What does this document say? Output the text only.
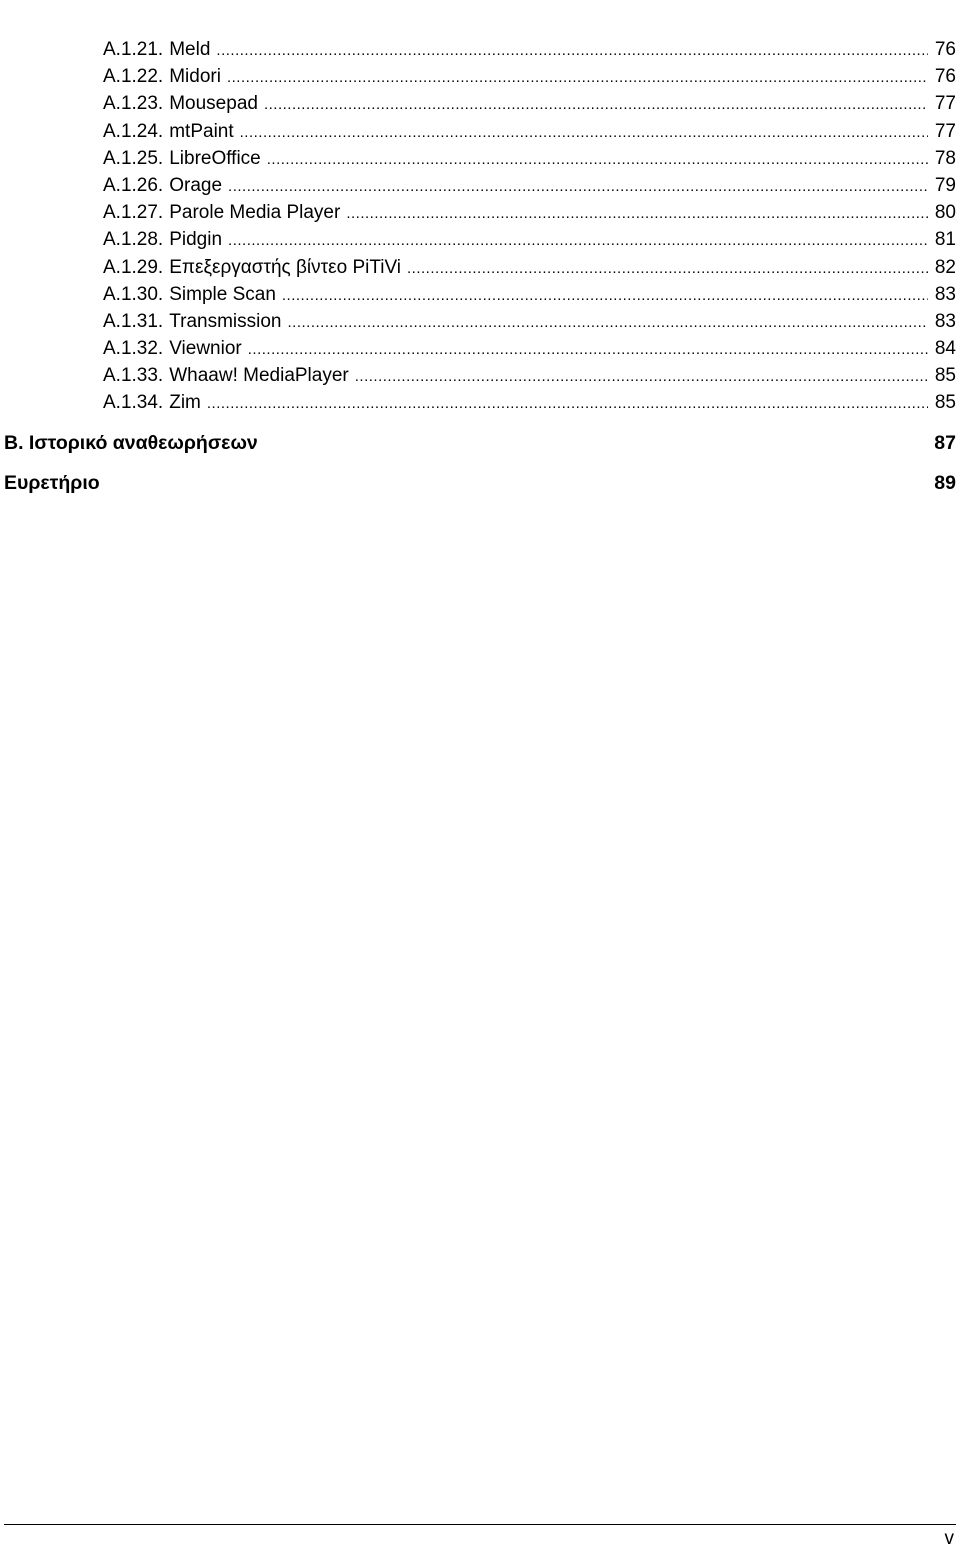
A.1.21. Meld .....	76
A.1.22. Midori .....	76
A.1.23. Mousepad .....	77
A.1.24. mtPaint .....	77
A.1.25. LibreOffice .....	78
A.1.26. Orage .....	79
A.1.27. Parole Media Player .....	80
A.1.28. Pidgin .....	81
A.1.29. Επεξεργαστής βίντεο PiTiVi .....	82
A.1.30. Simple Scan .....	83
A.1.31. Transmission .....	83
A.1.32. Viewnior .....	84
A.1.33. Whaaw! MediaPlayer .....	85
A.1.34. Zim .....	85
B. Ιστορικό αναθεωρήσεων	87
Ευρετήριο	89
v
